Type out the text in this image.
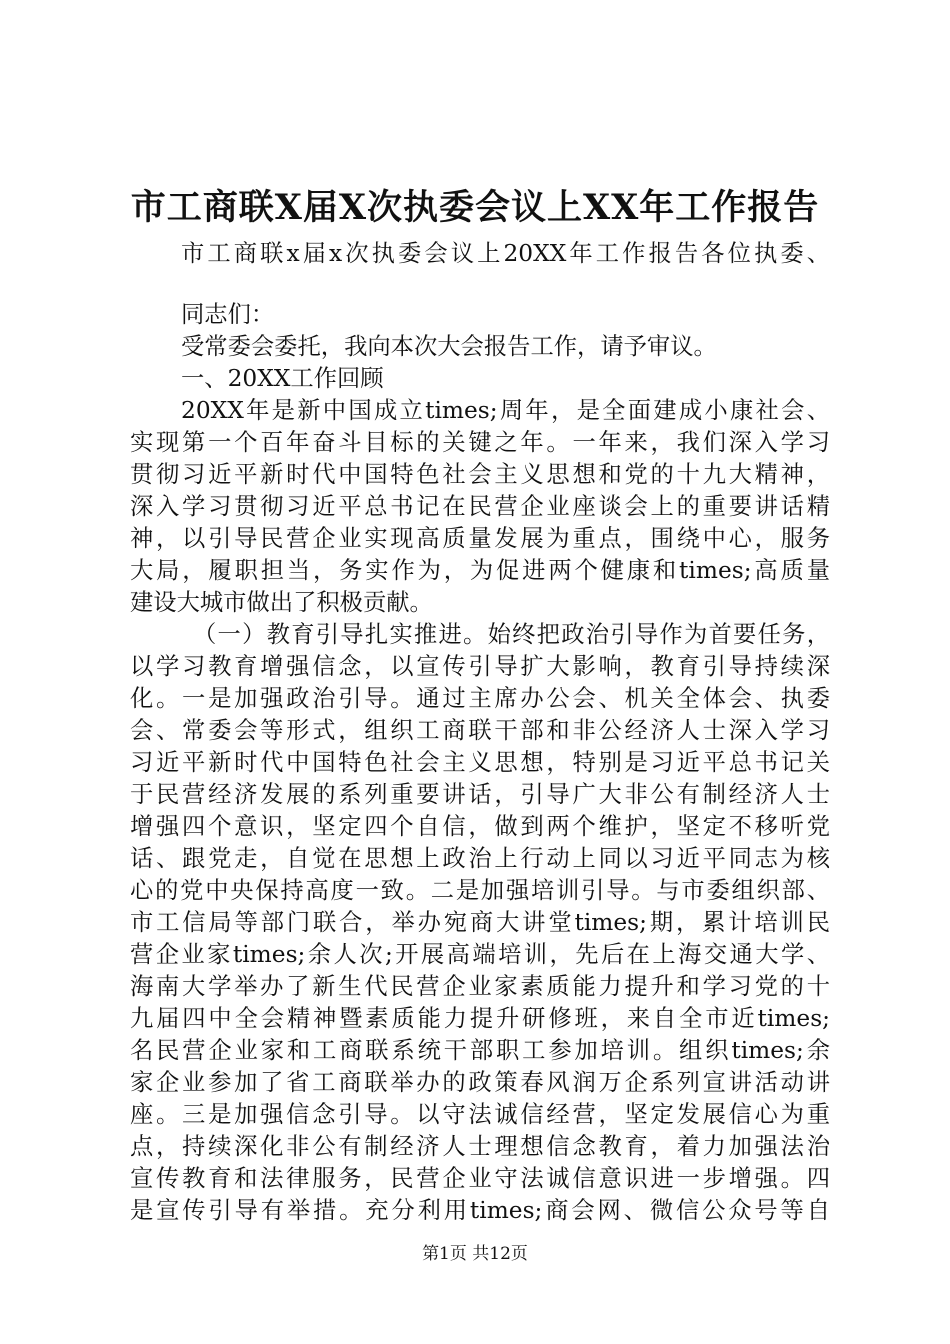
市工商联X届X次执委会议上XX年工作报告
市工商联x届x次执委会议上20XX年工作报告各位执委、
同志们：
受常委会委托，我向本次大会报告工作，请予审议。
一、20XX工作回顾
20XX年是新中国成立times;周年，是全面建成小康社会、
实现第一个百年奋斗目标的关键之年。一年来，我们深入学习
贯彻习近平新时代中国特色社会主义思想和党的十九大精神，
深入学习贯彻习近平总书记在民营企业座谈会上的重要讲话精
神，以引导民营企业实现高质量发展为重点，围绕中心，服务
大局，履职担当，务实作为，为促进两个健康和times;高质量
建设大城市做出了积极贡献。
（一）教育引导扎实推进。始终把政治引导作为首要任务，
以学习教育增强信念，以宣传引导扩大影响，教育引导持续深
化。一是加强政治引导。通过主席办公会、机关全体会、执委
会、常委会等形式，组织工商联干部和非公经济人士深入学习
习近平新时代中国特色社会主义思想，特别是习近平总书记关
于民营经济发展的系列重要讲话，引导广大非公有制经济人士
增强四个意识，坚定四个自信，做到两个维护，坚定不移听党
话、跟党走，自觉在思想上政治上行动上同以习近平同志为核
心的党中央保持高度一致。二是加强培训引导。与市委组织部、
市工信局等部门联合，举办宛商大讲堂times;期，累计培训民
营企业家times;余人次;开展高端培训，先后在上海交通大学、
海南大学举办了新生代民营企业家素质能力提升和学习党的十
九届四中全会精神暨素质能力提升研修班，来自全市近times;
名民营企业家和工商联系统干部职工参加培训。组织times;余
家企业参加了省工商联举办的政策春风润万企系列宣讲活动讲
座。三是加强信念引导。以守法诚信经营，坚定发展信心为重
点，持续深化非公有制经济人士理想信念教育，着力加强法治
宣传教育和法律服务，民营企业守法诚信意识进一步增强。四
是宣传引导有举措。充分利用times;商会网、微信公众号等自
第1页 共12页
